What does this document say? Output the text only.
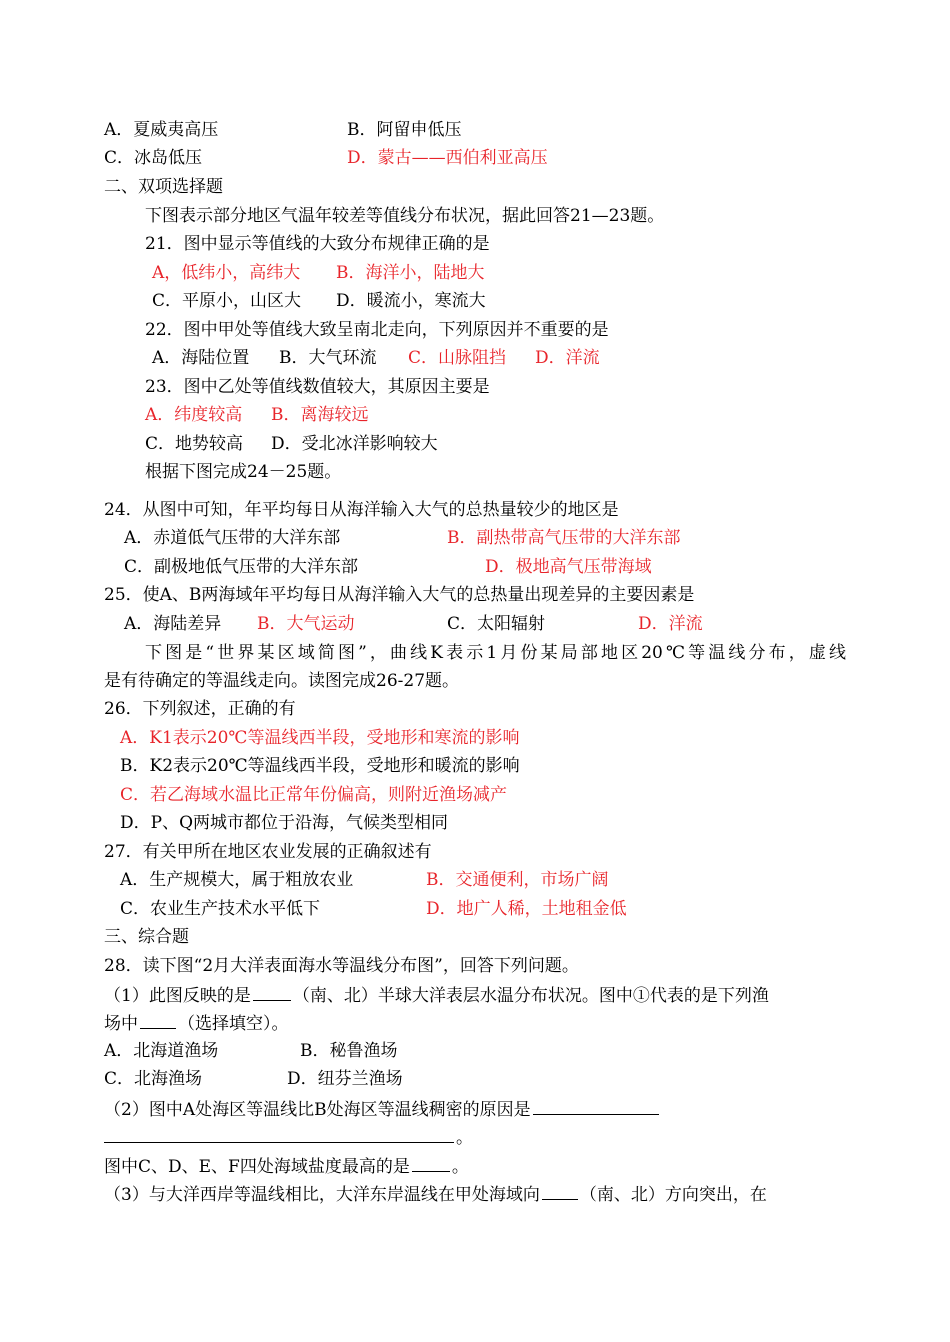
A．夏威夷高压	B．阿留申低压
C．冰岛低压	D．蒙古——西伯利亚高压
二、双项选择题
下图表示部分地区气温年较差等值线分布状况，据此回答21—23题。
21．图中显示等值线的大致分布规律正确的是
A，低纬小，高纬大 B．海洋小，陆地大
C．平原小，山区大 D．暖流小，寒流大
22．图中甲处等值线大致呈南北走向，下列原因并不重要的是
A．海陆位置 B．大气环流 C．山脉阻挡 D．洋流
23．图中乙处等值线数值较大，其原因主要是
A．纬度较高 B．离海较远
C．地势较高 D．受北冰洋影响较大
根据下图完成24－25题。
24．从图中可知，年平均每日从海洋输入大气的总热量较少的地区是
A．赤道低气压带的大洋东部	B．副热带高气压带的大洋东部
C．副极地低气压带的大洋东部	D．极地高气压带海域
25．使A、B两海域年平均每日从海洋输入大气的总热量出现差异的主要因素是
A．海陆差异 B．大气运动	C．太阳辐射	D．洋流
下图是“世界某区域简图”，曲线K表示1月份某局部地区20℃等温线分布，虚线
是有待确定的等温线走向。读图完成26-27题。
26．下列叙述，正确的有
A．K1表示20℃等温线西半段，受地形和寒流的影响
B．K2表示20℃等温线西半段，受地形和暖流的影响
C．若乙海域水温比正常年份偏高，则附近渔场减产
D．P、Q两城市都位于沿海，气候类型相同
27．有关甲所在地区农业发展的正确叙述有
A．生产规模大，属于粗放农业	B．交通便利，市场广阔
C．农业生产技术水平低下	D．地广人稀，土地租金低
三、综合题
28．读下图“2月大洋表面海水等温线分布图”，回答下列问题。
（1）此图反映的是 （南、北）半球大洋表层水温分布状况。图中①代表的是下列渔
场中 （选择填空）。
A．北海道渔场	B．秘鲁渔场
C．北海渔场	D．纽芬兰渔场
（2）图中A处海区等温线比B处海区等温线稠密的原因是
。
图中C、D、E、F四处海域盐度最高的是 。
（3）与大洋西岸等温线相比，大洋东岸温线在甲处海域向 （南、北）方向突出，在
